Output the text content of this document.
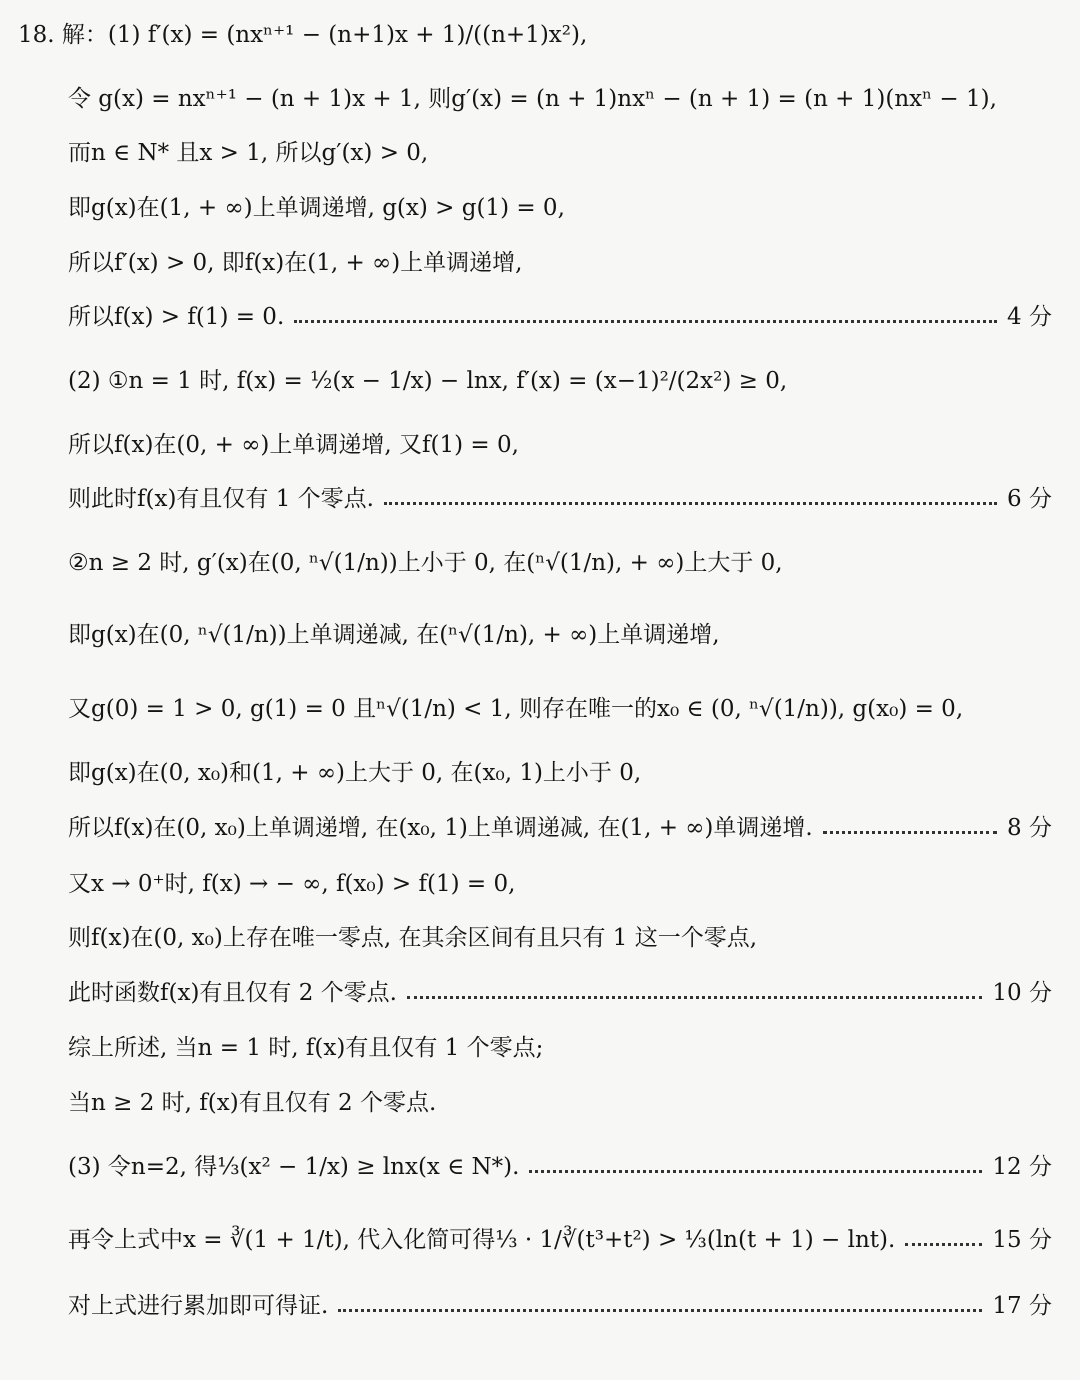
18. 解：(1) f′(x) = (nxⁿ⁺¹ − (n+1)x + 1)/((n+1)x²),
令 g(x) = nxⁿ⁺¹ − (n + 1)x + 1, 则g′(x) = (n + 1)nxⁿ − (n + 1) = (n + 1)(nxⁿ − 1),
而n ∈ N* 且x > 1, 所以g′(x) > 0,
即g(x)在(1, + ∞)上单调递增, g(x) > g(1) = 0,
所以f′(x) > 0, 即f(x)在(1, + ∞)上单调递增,
所以f(x) > f(1) = 0.	4 分
(2) ①n = 1 时, f(x) = ½(x − 1/x) − lnx, f′(x) = (x−1)²/(2x²) ≥ 0,
所以f(x)在(0, + ∞)上单调递增, 又f(1) = 0,
则此时f(x)有且仅有 1 个零点.	6 分
②n ≥ 2 时, g′(x)在(0, ⁿ√(1/n))上小于 0, 在(ⁿ√(1/n), + ∞)上大于 0,
即g(x)在(0, ⁿ√(1/n))上单调递减, 在(ⁿ√(1/n), + ∞)上单调递增,
又g(0) = 1 > 0, g(1) = 0 且ⁿ√(1/n) < 1, 则存在唯一的x₀ ∈ (0, ⁿ√(1/n)), g(x₀) = 0,
即g(x)在(0, x₀)和(1, + ∞)上大于 0, 在(x₀, 1)上小于 0,
所以f(x)在(0, x₀)上单调递增, 在(x₀, 1)上单调递减, 在(1, + ∞)单调递增.	8 分
又x → 0⁺时, f(x) → − ∞, f(x₀) > f(1) = 0,
则f(x)在(0, x₀)上存在唯一零点, 在其余区间有且只有 1 这一个零点,
此时函数f(x)有且仅有 2 个零点.	10 分
综上所述, 当n = 1 时, f(x)有且仅有 1 个零点;
当n ≥ 2 时, f(x)有且仅有 2 个零点.
(3) 令n=2, 得⅓(x² − 1/x) ≥ lnx(x ∈ N*).	12 分
再令上式中x = ∛(1 + 1/t), 代入化简可得⅓ · 1/∛(t³+t²) > ⅓(ln(t + 1) − lnt).	15 分
对上式进行累加即可得证.	17 分
